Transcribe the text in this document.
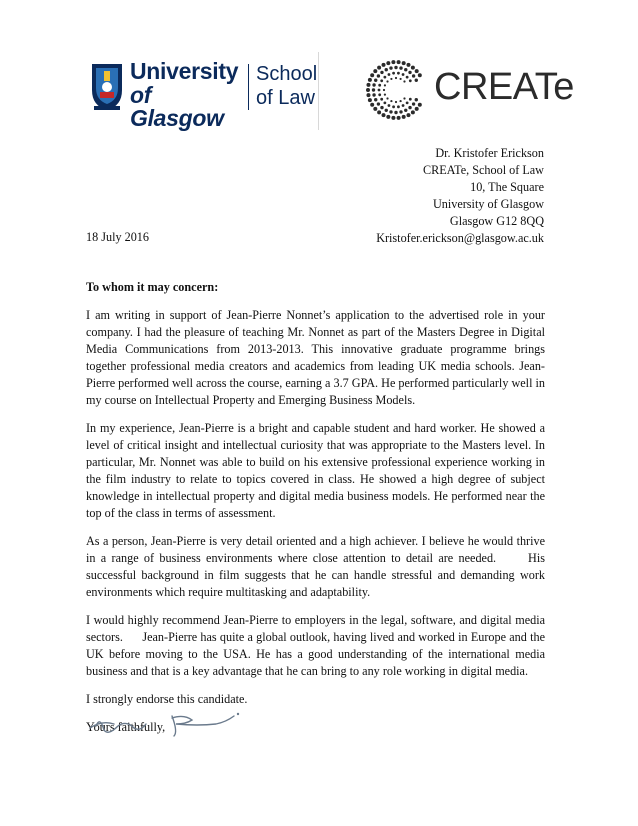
University
of Glasgow
School
of Law	CREATe
Dr. Kristofer Erickson
CREATe, School of Law
10, The Square
University of Glasgow
Glasgow G12 8QQ
Kristofer.erickson@glasgow.ac.uk
18 July 2016

To whom it may concern:

I am writing in support of Jean-Pierre Nonnet’s application to the advertised role in your company. I had the pleasure of teaching Mr. Nonnet as part of the Masters Degree in Digital Media Communications from 2013-2013. This innovative graduate programme brings together professional media creators and academics from leading UK media schools. Jean-Pierre performed well across the course, earning a 3.7 GPA. He performed particularly well in my course on Intellectual Property and Emerging Business Models.

In my experience, Jean-Pierre is a bright and capable student and hard worker. He showed a level of critical insight and intellectual curiosity that was appropriate to the Masters level. In particular, Mr. Nonnet was able to build on his extensive professional experience working in the film industry to relate to topics covered in class. He showed a high degree of subject knowledge in intellectual property and digital media business models. He performed near the top of the class in terms of assessment.

As a person, Jean-Pierre is very detail oriented and a high achiever. I believe he would thrive in a range of business environments where close attention to detail are needed.      His successful background in film suggests that he can handle stressful and demanding work environments which require multitasking and adaptability.

I would highly recommend Jean-Pierre to employers in the legal, software, and digital media sectors.      Jean-Pierre has quite a global outlook, having lived and worked in Europe and the UK before moving to the USA. He has a good understanding of the international media business and that is a key advantage that he can bring to any role working in digital media.

I strongly endorse this candidate.

Yours faithfully,
